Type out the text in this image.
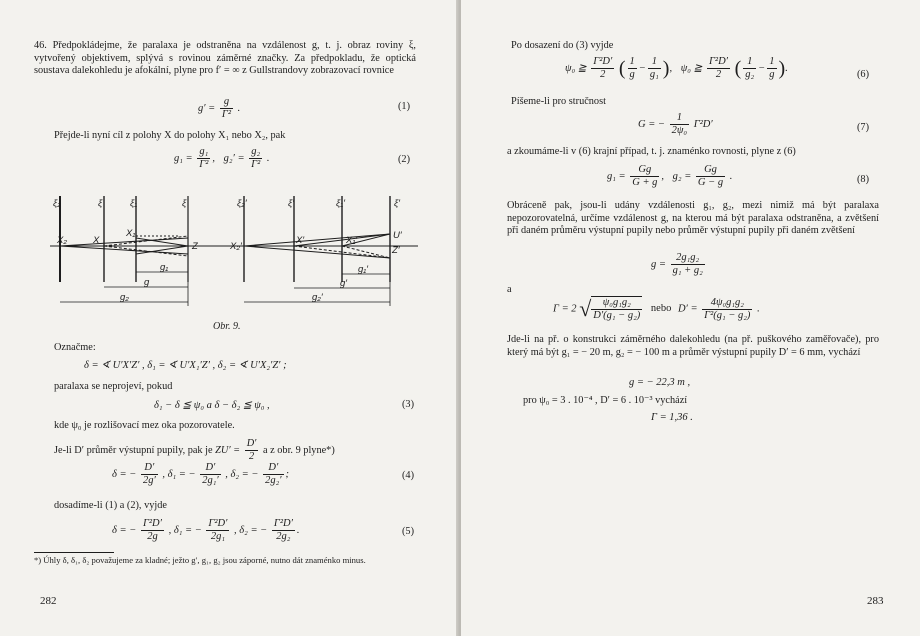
46. Předpokládejme, že paralaxa je odstraněna na vzdálenost g, t. j. obraz roviny ξ, vytvořený objektivem, splývá s rovinou záměrné značky. Za předpokladu, že optická soustava dalekohledu je afokální, plyne pro f′ = ∞ z Gullstrandovy zobrazovací rovnice
$g' = \frac{g}{\text{Γ²}}$ .	(1)
Přejde-li nyní cíl z polohy X do polohy X₁ nebo X₂, pak
$g_1 = \frac{\text{g₁}}{\text{Γ²}}$ , $g_2' = \frac{\text{g₂}}{\text{Γ²}}$ .	(2)
ξ₂	ξ	ξ₁	ξ
X₂	X
X₁
Z
g₁
g
g₂
ξ₂′	ξ′	ξ₁′	ξ′
X₂′
X′	X₁′	U′
Z′
g₁′
g′
g₂′
Obr. 9.
Označme:
δ = ∢ U′X′Z′ , δ₁ = ∢ U′X₁′Z′ , δ₂ = ∢ U′X₂′Z′ ;
paralaxa se neprojeví, pokud
δ₁ − δ ≦ ψ₀ a δ − δ₂ ≦ ψ₀ ,	(3)
kde ψ₀ je rozlišovací mez oka pozorovatele.
Je-li D′ průměr výstupní pupily, pak je $ZU' = \frac{D'}{2}$ a z obr. 9 plyne*)
δ = − $\frac{D'}{2g'}$ , δ₁ = − $\frac{D'}{\text{2g₁′}}$ , δ₂ = − $\frac{D'}{\text{2g₂′}}$ ;	(4)
dosadíme-li (1) a (2), vyjde
δ = − $\frac{\text{Γ²D′}}{2g}$ , δ₁ = − $\frac{\text{Γ²D′}}{\text{2g₁}}$ , δ₂ = − $\frac{\text{Γ²D′}}{\text{2g₂}}$ .	(5)
*) Úhly δ, δ₁, δ₂ považujeme za kladné; ježto g′, g₁, g₂ jsou záporné, nutno dát znaménko minus.
282
Po dosazení do (3) vyjde
ψ₀ ≧ $\frac{\text{Γ²D′}}{2}$ ( $\frac{1}{g} - \frac{1}{\text{g₁}}$ ), ψ₀ ≧ $\frac{\text{Γ²D′}}{2}$ ( $\frac{1}{\text{g₂}} - \frac{1}{g}$ ).
(6)
Píšeme-li pro stručnost
G = − $\frac{1}{\text{2ψ₀}} \Gamma^2D'$	(7)
a zkoumáme-li v (6) krajní případ, t. j. znaménko rovnosti, plyne z (6)
$g_1 = \frac{Gg}{G + g}$ , $g_2 = \frac{Gg}{G - g}$ .	(8)
Obráceně pak, jsou-li udány vzdálenosti g₁, g₂, mezi nimiž má být paralaxa nepozorovatelná, určíme vzdálenost g, na kterou má být paralaxa odstraněna, a zvětšení při daném průměru výstupní pupily nebo průměr výstupní pupily při daném zvětšení
$g = \frac{\text{2g₁g₂}}{\text{g₁ + g₂}}$
a
Γ = 2 √ $\frac{\text{ψ₀g₁g₂}}{\text{D′(g₁ − g₂)}}$ nebo $D' = \frac{\text{4ψ₀g₁g₂}}{\text{Γ²(g₁ − g₂)}}$ .
Jde-li na př. o konstrukci záměrného dalekohledu (na př. puškového zaměřovače), pro který má být g₁ = − 20 m, g₂ = − 100 m a průměr výstupní pupily D′ = 6 mm, vychází
g = − 22,3 m ,
pro ψ₀ = 3 . 10⁻⁴ , D′ = 6 . 10⁻³ vychází
Γ = 1,36 .
283
